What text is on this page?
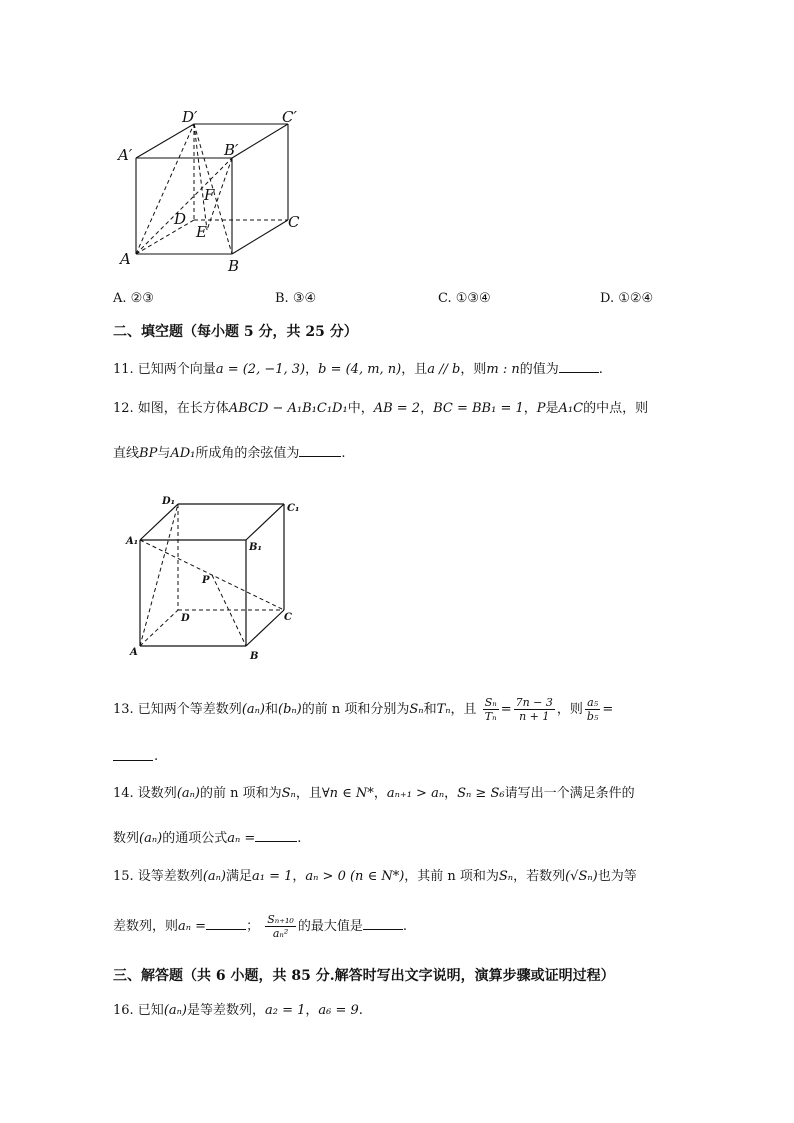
D′	C′
A′	B′
F
D
E
C
A	B
A. ②③	B. ③④	C. ①③④	D. ①②④
二、填空题（每小题 5 分，共 25 分）
11. 已知两个向量a = (2, −1, 3)，b = (4, m, n)，且a // b，则m : n的值为	.
12. 如图，在长方体ABCD − A₁B₁C₁D₁中，AB = 2，BC = BB₁ = 1，P是A₁C的中点，则
直线BP与AD₁所成角的余弦值为	.
D₁
C₁
A₁
B₁
P
D	C
A	B
13. 已知两个等差数列(aₙ)和(bₙ)的前 n 项和分别为Sₙ和Tₙ，且 $\frac{\text{Sₙ}}{\text{Tₙ}} = \frac{7n - 3}{n + 1}$ ，则 $\frac{\text{a₅}}{\text{b₅}}$ =
.
14. 设数列(aₙ)的前 n 项和为Sₙ，且∀n ∈ N*，aₙ₊₁ > aₙ，Sₙ ≥ S₆请写出一个满足条件的
数列(aₙ)的通项公式aₙ =	.
15. 设等差数列(aₙ)满足a₁ = 1，aₙ > 0 (n ∈ N*)，其前 n 项和为Sₙ，若数列(√Sₙ)也为等
差数列，则aₙ =	； $\frac{\text{Sₙ₊₁₀}}{\text{aₙ²}}$ 的最大值是	.
三、解答题（共 6 小题，共 85 分.解答时写出文字说明，演算步骤或证明过程）
16. 已知(aₙ)是等差数列，a₂ = 1，a₆ = 9.
